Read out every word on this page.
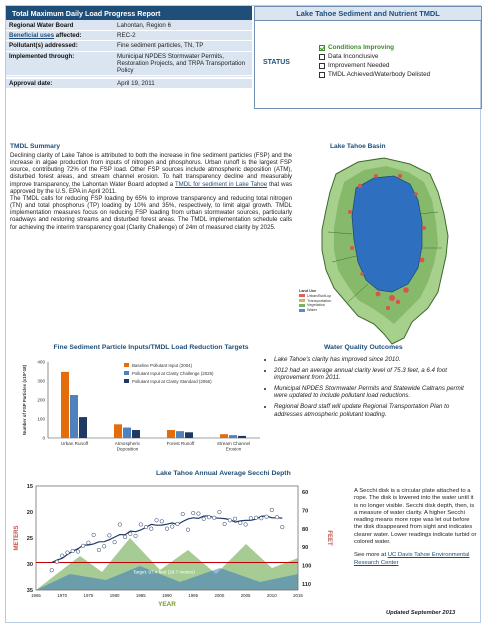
Total Maximum Daily Load Progress Report
Regional Water Board	Lahontan, Region 6
Beneficial uses affected:	REC-2
Pollutant(s) addressed:	Fine sediment particles, TN, TP
Implemented through:	Municipal NPDES Stormwater Permits, Restoration Projects, and TRPA Transportation Policy
Approval date:	April 19, 2011
Lake Tahoe Sediment and Nutrient TMDL
STATUS
Conditions Improving
Data Inconclusive
Improvement Needed
TMDL Achieved/Waterbody Delisted
TMDL Summary

Declining clarity of Lake Tahoe is attributed to both the increase in fine sediment particles (FSP) and the increase in algae production from inputs of nitrogen and phosphorus. Urban runoff is the largest FSP source, contributing 72% of the FSP load. Other FSP sources include atmospheric deposition (ATM), disturbed forest areas, and stream channel erosion. To halt transparency decline and measurably improve transparency, the Lahontan Water Board adopted a TMDL for sediment in Lake Tahoe that was approved by the U.S. EPA in April 2011.

The TMDL calls for reducing FSP loading by 65% to improve transparency and reducing total nitrogen (TN) and total phosphorus (TP) loading by 10% and 35%, respectively, to limit algal growth. TMDL implementation measures focus on reducing FSP loading from urban stormwater sources, particularly roadways and restoring streams and disturbed forest areas. The TMDL implementation schedule calls for achieving the interim transparency goal (Clarity Challenge) of 24m of measured clarity by 2025.

Lake Tahoe Basin
Land Use
Urban/Built-up
Transportation
Vegetation
Water
Fine Sediment Particle Inputs/TMDL Load Reduction Targets
0
100
200
300
400
Number of FSP Particles (x10^18)
Urban Runoff	Atmospheric Deposition
Forest Runoff	Stream Channel Erosion
Baseline Pollutant Input (2004)
Pollutant Input at Clarity Challenge (2026)
Pollutant Input at Clarity Standard (2066)
Water Quality Outcomes
• Lake Tahoe's clarity has improved since 2010.
• 2012 had an average annual clarity level of 75.3 feet, a 6.4 foot improvement from 2011.
• Municipal NPDES Stormwater Permits and Statewide Caltrans permit were updated to include pollutant load reductions.
• Regional Board staff will update Regional Transportation Plan to addresses atmospheric pollutant loading.
Lake Tahoe Annual Average Secchi Depth
Target: 97.4 feet (29.7 meters)
15
20
25
30
35
1965	1970	1975	1980	1985	1990	1995	2000	2005	2010	2015
60
70
80
90
100
110
METERS	FEET
YEAR
A Secchi disk is a circular plate attached to a rope. The disk is lowered into the water until it is no longer visible. Secchi disk depth, then, is a measure of water clarity. A higher Secchi reading means more rope was let out before the disk disappeared from sight and indicates clearer water. Lower readings indicate turbid or colored water.
See more at UC Davis Tahoe Environmental Research Center
Updated September 2013
